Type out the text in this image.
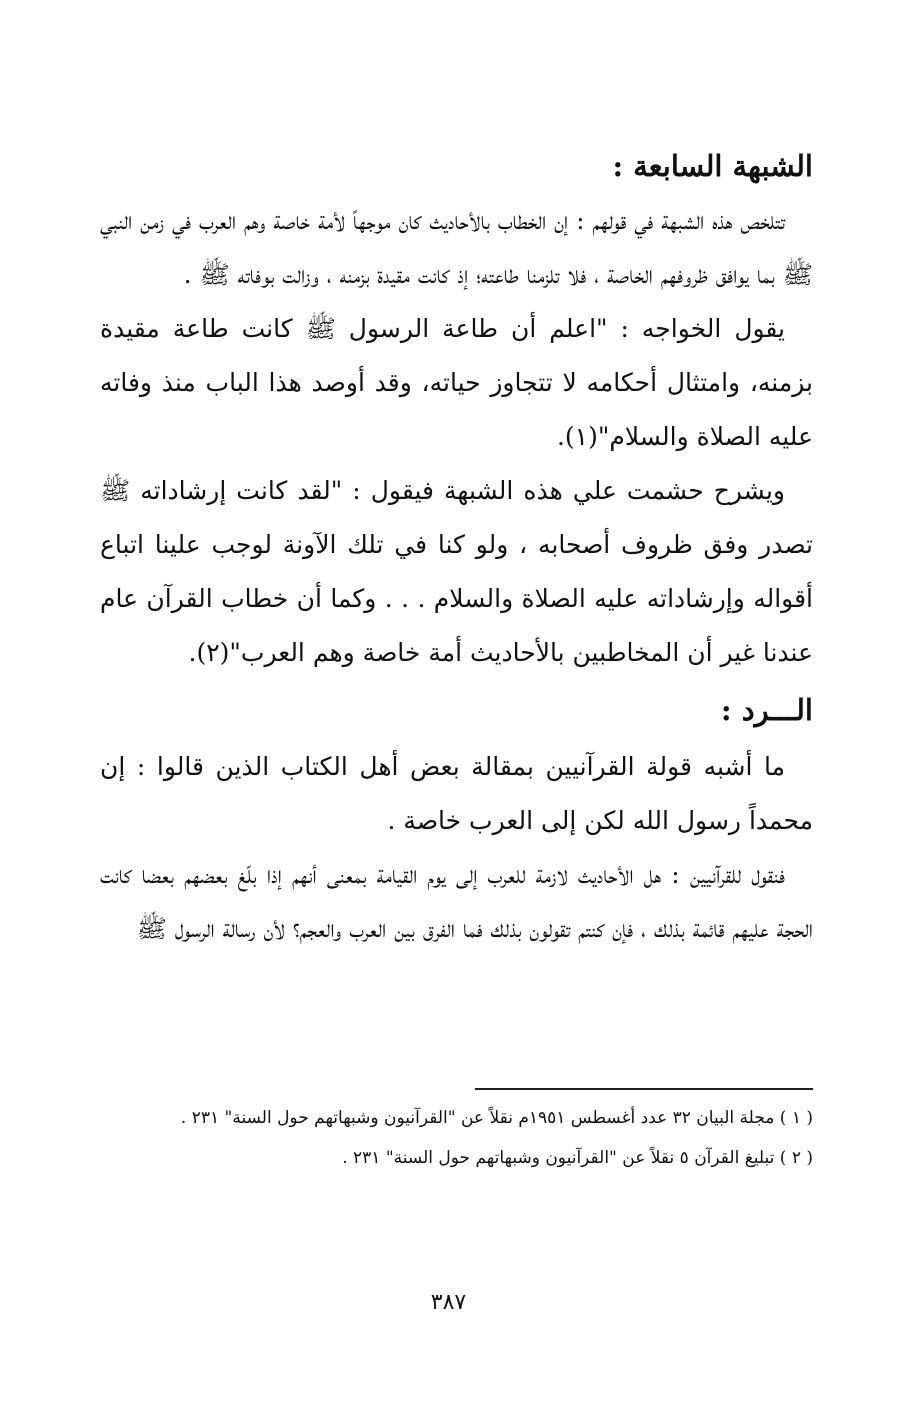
الشبهة السابعة :

تتلخص هذه الشبهة في قولهم : إن الخطاب بالأحاديث كان موجهاً لأمة خاصة وهم العرب في زمن النبي ﷺ بما يوافق ظروفهم الخاصة ، فلا تلزمنا طاعته؛ إذ كانت مقيدة بزمنه ، وزالت بوفاته ﷺ .

يقول الخواجه : "اعلم أن طاعة الرسول ﷺ كانت طاعة مقيدة بزمنه، وامتثال أحكامه لا تتجاوز حياته، وقد أوصد هذا الباب منذ وفاته عليه الصلاة والسلام"(١).

ويشرح حشمت علي هذه الشبهة فيقول : "لقد كانت إرشاداته ﷺ تصدر وفق ظروف أصحابه ، ولو كنا في تلك الآونة لوجب علينا اتباع أقواله وإرشاداته عليه الصلاة والسلام . . . وكما أن خطاب القرآن عام عندنا غير أن المخاطبين بالأحاديث أمة خاصة وهم العرب"(٢).

الـــرد :

ما أشبه قولة القرآنيين بمقالة بعض أهل الكتاب الذين قالوا : إن محمداً رسول الله لكن إلى العرب خاصة .

فنقول للقرآنيين : هل الأحاديث لازمة للعرب إلى يوم القيامة بمعنى أنهم إذا بلّغ بعضهم بعضا كانت الحجة عليهم قائمة بذلك ، فإن كنتم تقولون بذلك فما الفرق بين العرب والعجم؟ لأن رسالة الرسول ﷺ

( ١ ) مجلة البيان ٣٢ عدد أغسطس ١٩٥١م نقلاً عن "القرآنيون وشبهاتهم حول السنة" ٢٣١ .

( ٢ ) تبليغ القرآن ٥ نقلاً عن "القرآنيون وشبهاتهم حول السنة" ٢٣١ .

٣٨٧
